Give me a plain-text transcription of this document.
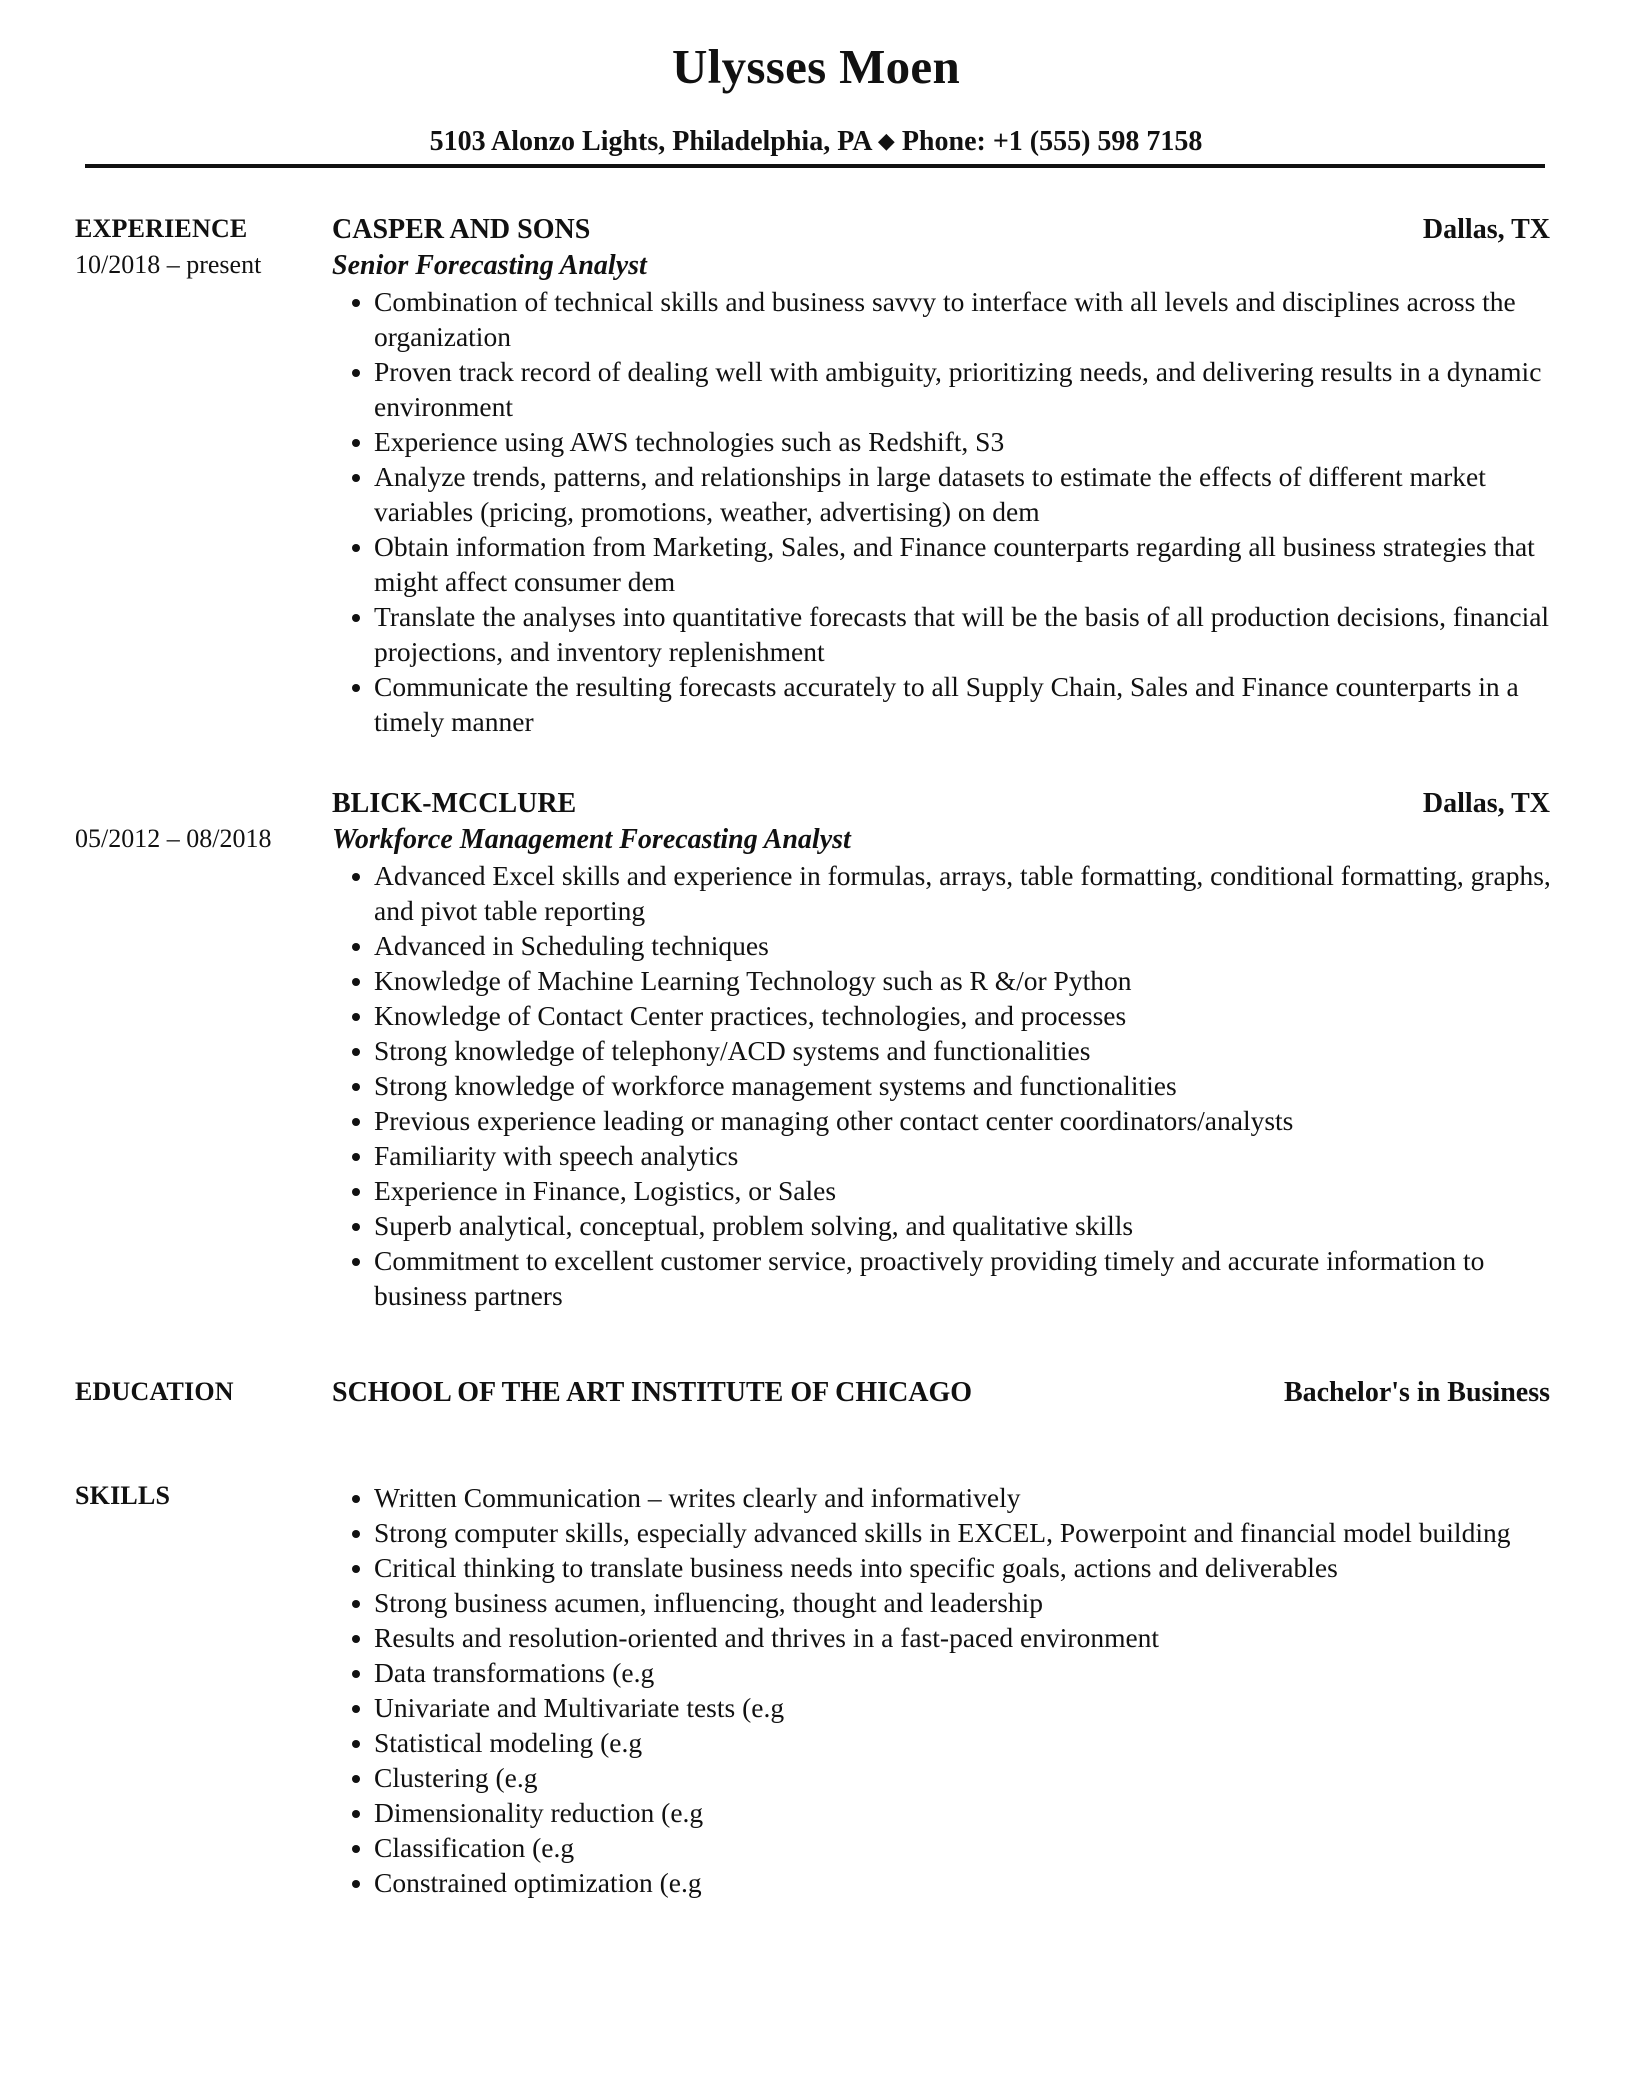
Ulysses Moen
5103 Alonzo Lights, Philadelphia, PA ◆ Phone: +1 (555) 598 7158
EXPERIENCE
10/2018 – present
CASPER AND SONS	Dallas, TX
Senior Forecasting Analyst
Combination of technical skills and business savvy to interface with all levels and disciplines across the organization
Proven track record of dealing well with ambiguity, prioritizing needs, and delivering results in a dynamic environment
Experience using AWS technologies such as Redshift, S3
Analyze trends, patterns, and relationships in large datasets to estimate the effects of different market variables (pricing, promotions, weather, advertising) on dem
Obtain information from Marketing, Sales, and Finance counterparts regarding all business strategies that might affect consumer dem
Translate the analyses into quantitative forecasts that will be the basis of all production decisions, financial projections, and inventory replenishment
Communicate the resulting forecasts accurately to all Supply Chain, Sales and Finance counterparts in a timely manner
05/2012 – 08/2018
BLICK-MCCLURE	Dallas, TX
Workforce Management Forecasting Analyst
Advanced Excel skills and experience in formulas, arrays, table formatting, conditional formatting, graphs, and pivot table reporting
Advanced in Scheduling techniques
Knowledge of Machine Learning Technology such as R &/or Python
Knowledge of Contact Center practices, technologies, and processes
Strong knowledge of telephony/ACD systems and functionalities
Strong knowledge of workforce management systems and functionalities
Previous experience leading or managing other contact center coordinators/analysts
Familiarity with speech analytics
Experience in Finance, Logistics, or Sales
Superb analytical, conceptual, problem solving, and qualitative skills
Commitment to excellent customer service, proactively providing timely and accurate information to business partners
EDUCATION	SCHOOL OF THE ART INSTITUTE OF CHICAGO	Bachelor's in Business
SKILLS	Written Communication – writes clearly and informatively
Strong computer skills, especially advanced skills in EXCEL, Powerpoint and financial model building
Critical thinking to translate business needs into specific goals, actions and deliverables
Strong business acumen, influencing, thought and leadership
Results and resolution-oriented and thrives in a fast-paced environment
Data transformations (e.g
Univariate and Multivariate tests (e.g
Statistical modeling (e.g
Clustering (e.g
Dimensionality reduction (e.g
Classification (e.g
Constrained optimization (e.g
